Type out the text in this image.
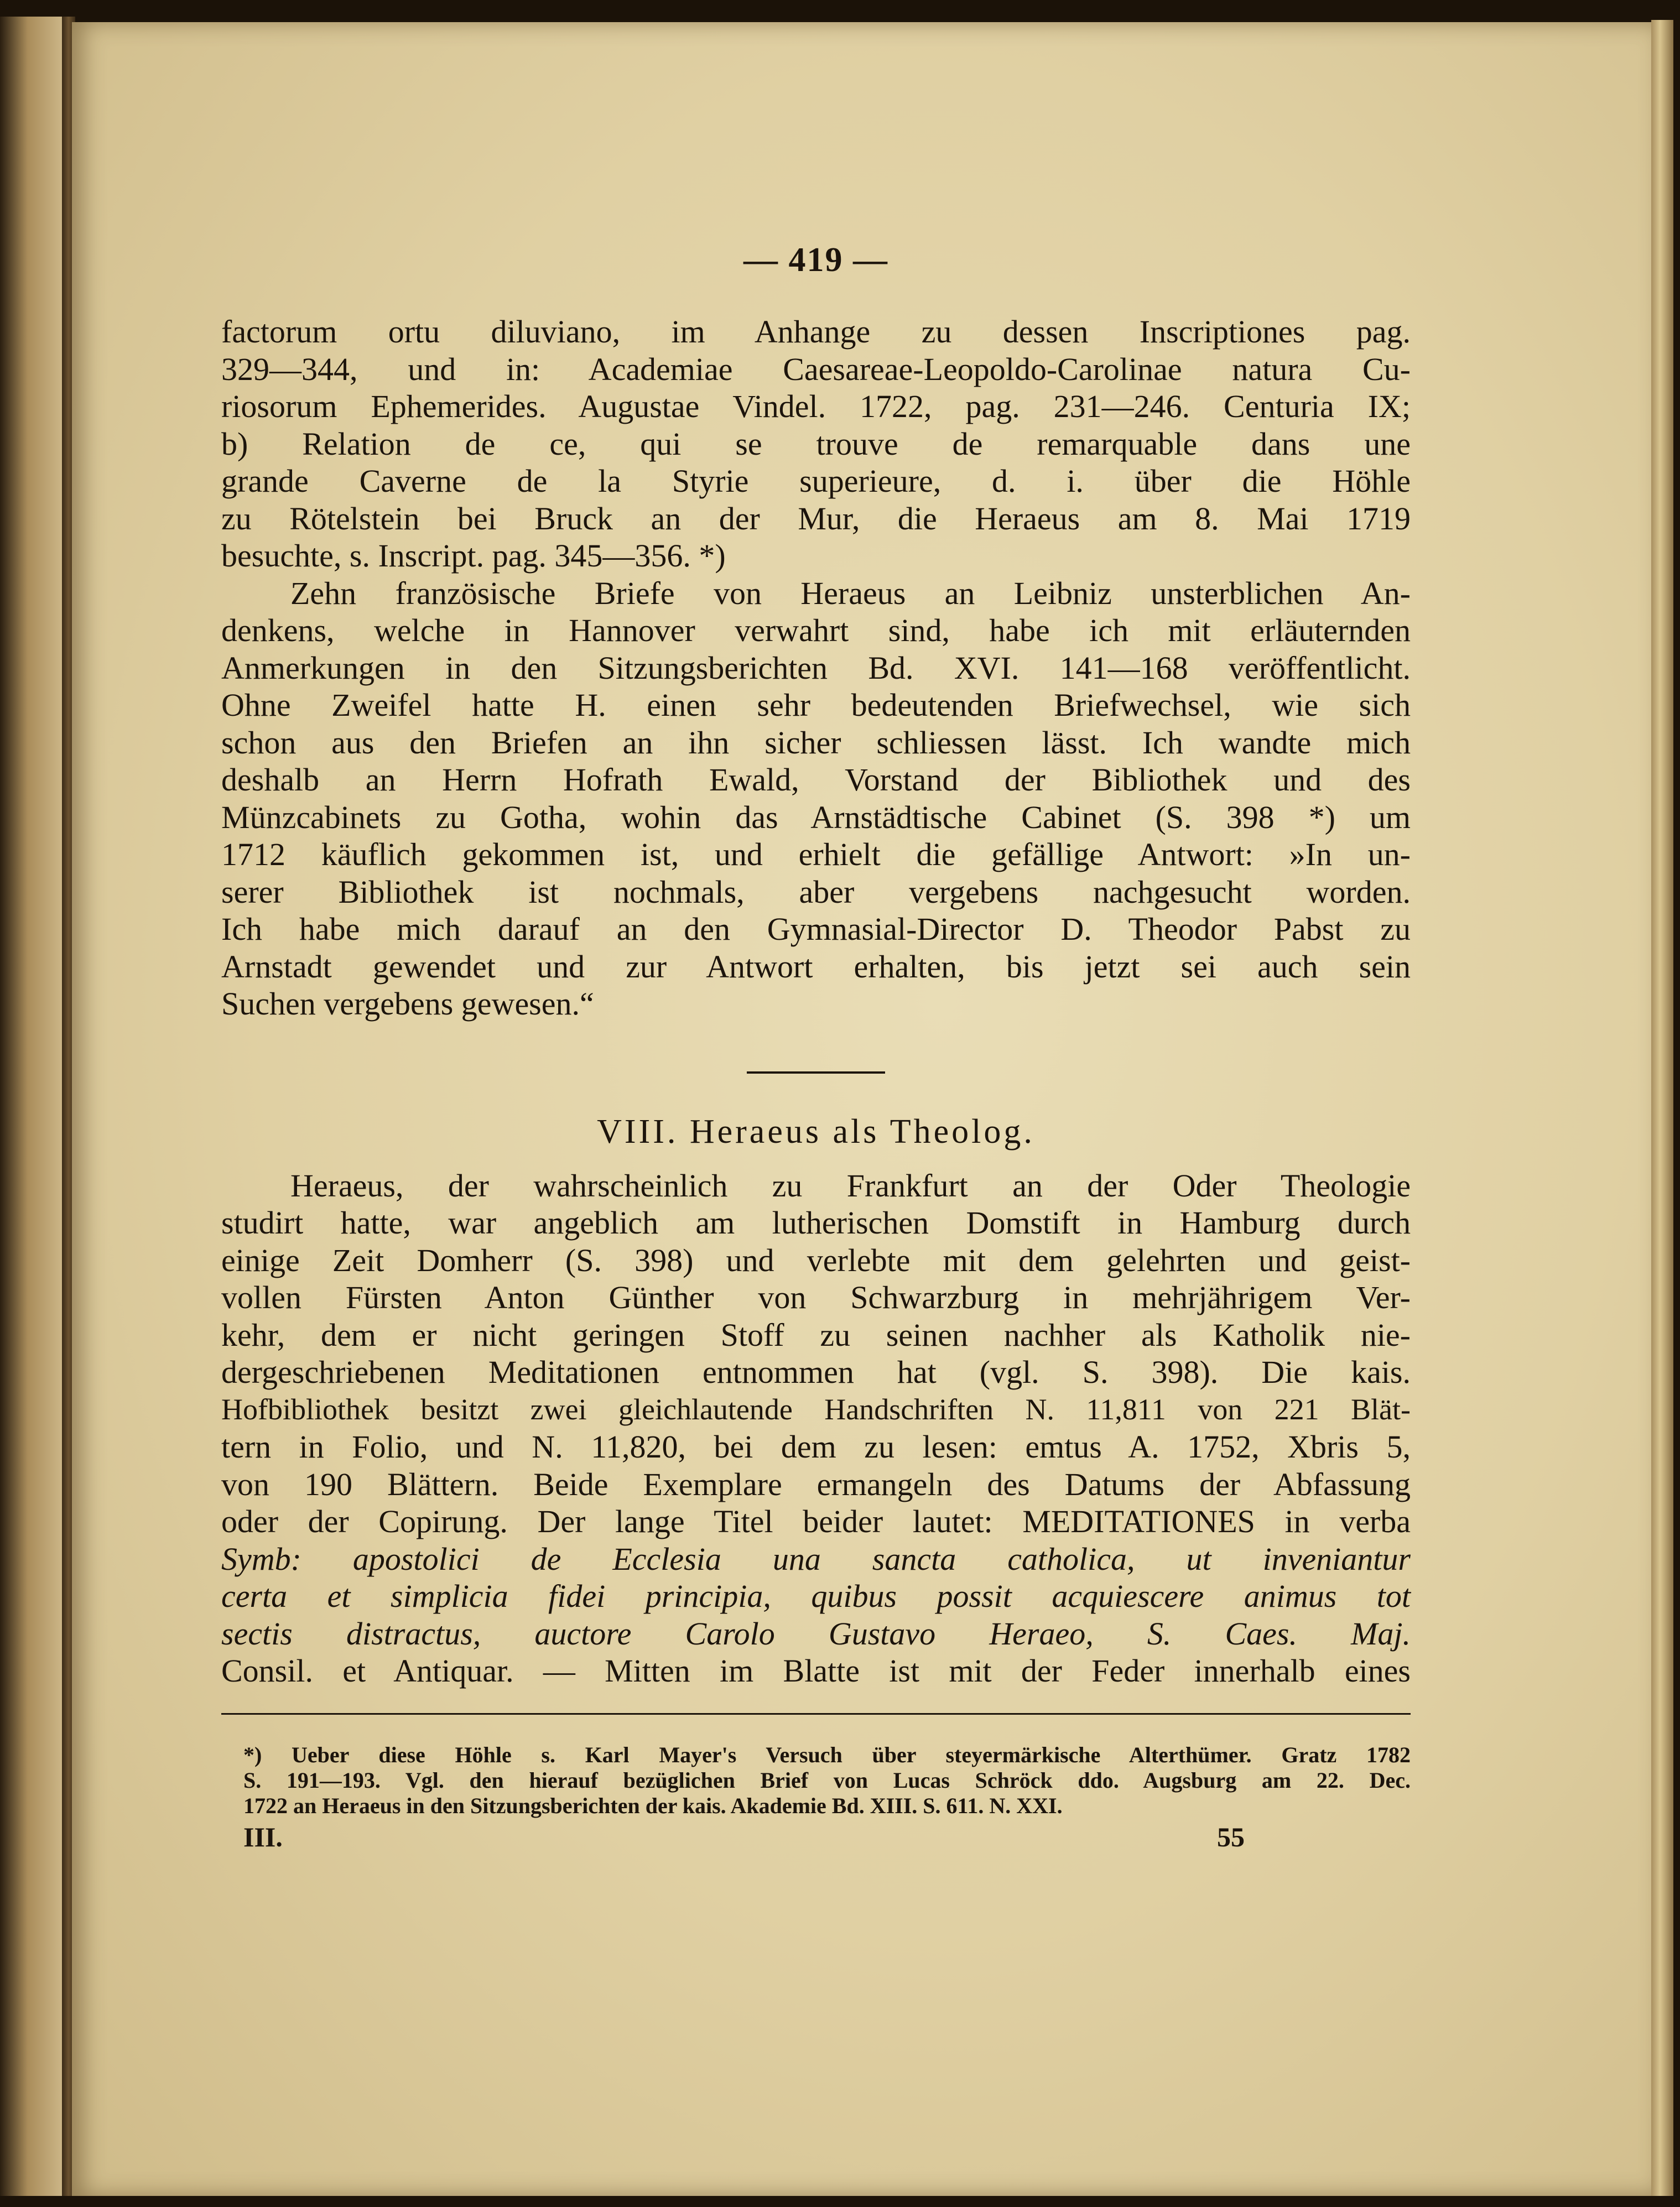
— 419 —
factorum ortu diluviano, im Anhange zu dessen Inscriptiones pag.
329—344, und in: Academiae Caesareae-Leopoldo-Carolinae natura Cu-
riosorum Ephemerides. Augustae Vindel. 1722, pag. 231—246. Centuria IX;
b) Relation de ce, qui se trouve de remarquable dans une
grande Caverne de la Styrie superieure, d. i. über die Höhle
zu Rötelstein bei Bruck an der Mur, die Heraeus am 8. Mai 1719
besuchte, s. Inscript. pag. 345—356. *)
Zehn französische Briefe von Heraeus an Leibniz unsterblichen An-
denkens, welche in Hannover verwahrt sind, habe ich mit erläuternden
Anmerkungen in den Sitzungsberichten Bd. XVI. 141—168 veröffentlicht.
Ohne Zweifel hatte H. einen sehr bedeutenden Briefwechsel, wie sich
schon aus den Briefen an ihn sicher schliessen lässt. Ich wandte mich
deshalb an Herrn Hofrath Ewald, Vorstand der Bibliothek und des
Münzcabinets zu Gotha, wohin das Arnstädtische Cabinet (S. 398 *) um
1712 käuflich gekommen ist, und erhielt die gefällige Antwort: »In un-
serer Bibliothek ist nochmals, aber vergebens nachgesucht worden.
Ich habe mich darauf an den Gymnasial-Director D. Theodor Pabst zu
Arnstadt gewendet und zur Antwort erhalten, bis jetzt sei auch sein
Suchen vergebens gewesen.“
VIII. Heraeus als Theolog.
Heraeus, der wahrscheinlich zu Frankfurt an der Oder Theologie
studirt hatte, war angeblich am lutherischen Domstift in Hamburg durch
einige Zeit Domherr (S. 398) und verlebte mit dem gelehrten und geist-
vollen Fürsten Anton Günther von Schwarzburg in mehrjährigem Ver-
kehr, dem er nicht geringen Stoff zu seinen nachher als Katholik nie-
dergeschriebenen Meditationen entnommen hat (vgl. S. 398). Die kais.
Hofbibliothek besitzt zwei gleichlautende Handschriften N. 11,811 von 221 Blät-
tern in Folio, und N. 11,820, bei dem zu lesen: emtus A. 1752, Xbris 5,
von 190 Blättern. Beide Exemplare ermangeln des Datums der Abfassung
oder der Copirung. Der lange Titel beider lautet: MEDITATIONES in verba
Symb: apostolici de Ecclesia una sancta catholica, ut inveniantur
certa et simplicia fidei principia, quibus possit acquiescere animus tot
sectis distractus, auctore Carolo Gustavo Heraeo, S. Caes. Maj.
Consil. et Antiquar. — Mitten im Blatte ist mit der Feder innerhalb eines
*) Ueber diese Höhle s. Karl Mayer's Versuch über steyermärkische Alterthümer. Gratz 1782
S. 191—193. Vgl. den hierauf bezüglichen Brief von Lucas Schröck ddo. Augsburg am 22. Dec.
1722 an Heraeus in den Sitzungsberichten der kais. Akademie Bd. XIII. S. 611. N. XXI.
III.	55
